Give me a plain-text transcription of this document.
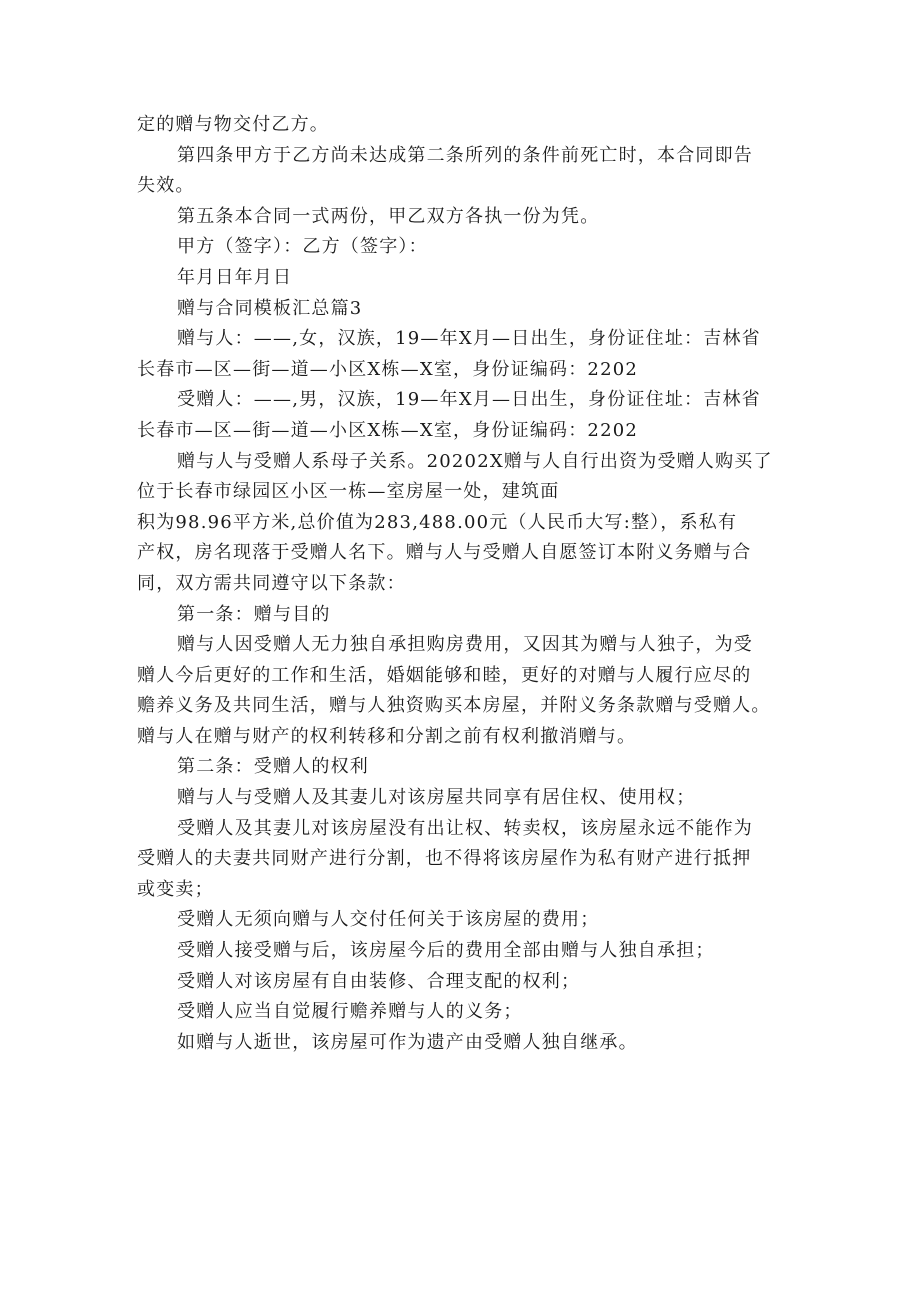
定的赠与物交付乙方。
第四条甲方于乙方尚未达成第二条所列的条件前死亡时，本合同即告
失效。
第五条本合同一式两份，甲乙双方各执一份为凭。
甲方（签字）：乙方（签字）：
年月日年月日
赠与合同模板汇总篇3
赠与人：——,女，汉族，19—年X月—日出生，身份证住址：吉林省
长春市—区—街—道—小区X栋—X室，身份证编码：2202
受赠人：——,男，汉族，19—年X月—日出生，身份证住址：吉林省
长春市—区—街—道—小区X栋—X室，身份证编码：2202
赠与人与受赠人系母子关系。20202X赠与人自行出资为受赠人购买了
位于长春市绿园区小区一栋—室房屋一处，建筑面
积为98.96平方米,总价值为283,488.00元（人民币大写:整），系私有
产权，房名现落于受赠人名下。赠与人与受赠人自愿签订本附义务赠与合
同，双方需共同遵守以下条款：
第一条：赠与目的
赠与人因受赠人无力独自承担购房费用，又因其为赠与人独子，为受
赠人今后更好的工作和生活，婚姻能够和睦，更好的对赠与人履行应尽的
赡养义务及共同生活，赠与人独资购买本房屋，并附义务条款赠与受赠人。
赠与人在赠与财产的权利转移和分割之前有权利撤消赠与。
第二条：受赠人的权利
赠与人与受赠人及其妻儿对该房屋共同享有居住权、使用权；
受赠人及其妻儿对该房屋没有出让权、转卖权，该房屋永远不能作为
受赠人的夫妻共同财产进行分割，也不得将该房屋作为私有财产进行抵押
或变卖；
受赠人无须向赠与人交付任何关于该房屋的费用；
受赠人接受赠与后，该房屋今后的费用全部由赠与人独自承担；
受赠人对该房屋有自由装修、合理支配的权利；
受赠人应当自觉履行赡养赠与人的义务；
如赠与人逝世，该房屋可作为遗产由受赠人独自继承。
